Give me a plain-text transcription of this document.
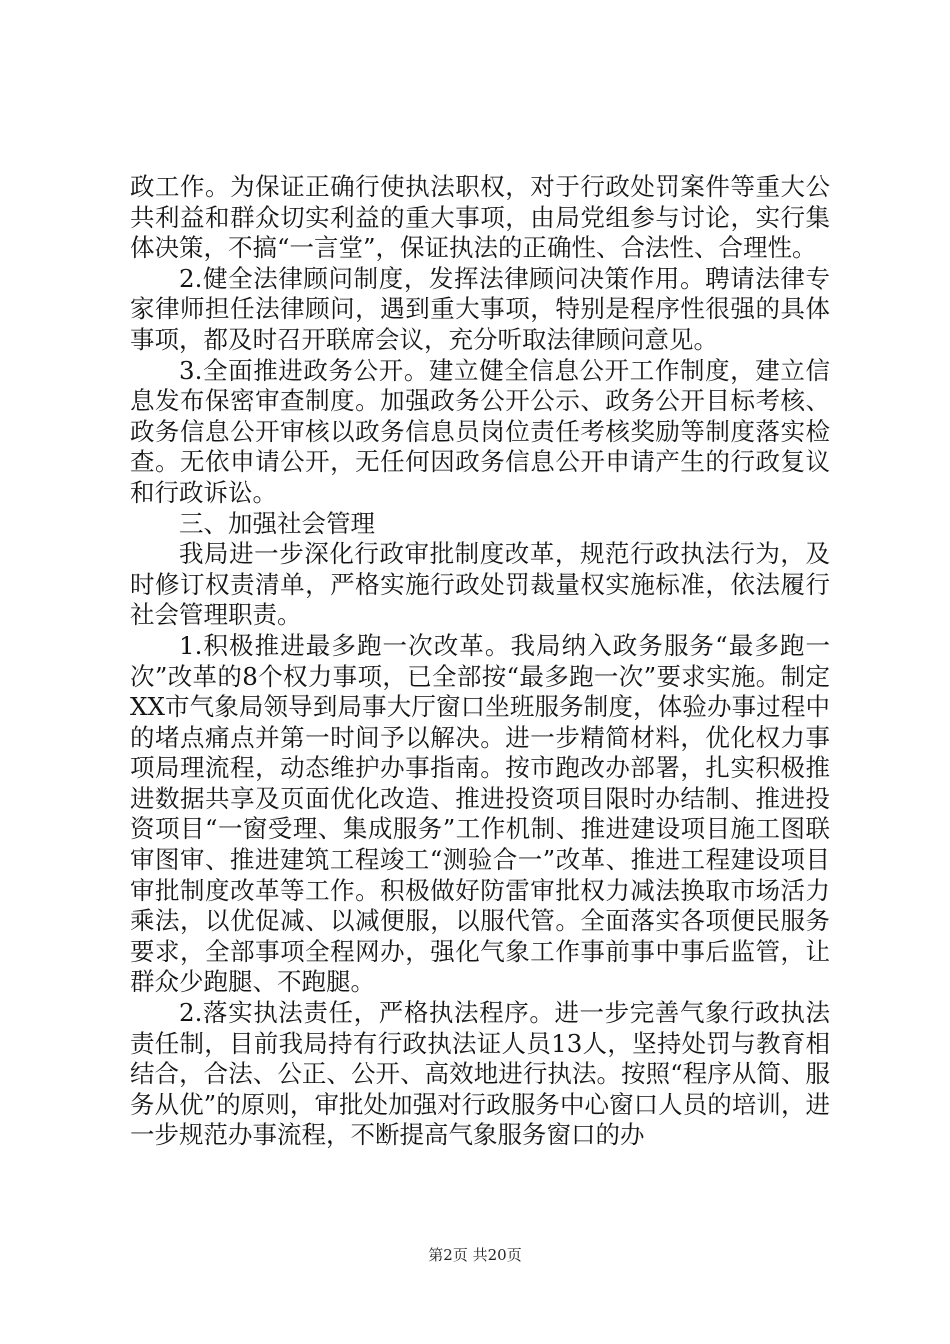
政工作。为保证正确行使执法职权，对于行政处罚案件等重大公共利益和群众切实利益的重大事项，由局党组参与讨论，实行集体决策，不搞“一言堂”，保证执法的正确性、合法性、合理性。

2.健全法律顾问制度，发挥法律顾问决策作用。聘请法律专家律师担任法律顾问，遇到重大事项，特别是程序性很强的具体事项，都及时召开联席会议，充分听取法律顾问意见。

3.全面推进政务公开。建立健全信息公开工作制度，建立信息发布保密审查制度。加强政务公开公示、政务公开目标考核、政务信息公开审核以政务信息员岗位责任考核奖励等制度落实检查。无依申请公开，无任何因政务信息公开申请产生的行政复议和行政诉讼。

三、加强社会管理

我局进一步深化行政审批制度改革，规范行政执法行为，及时修订权责清单，严格实施行政处罚裁量权实施标准，依法履行社会管理职责。

1.积极推进最多跑一次改革。我局纳入政务服务“最多跑一次”改革的8个权力事项，已全部按“最多跑一次”要求实施。制定XX市气象局领导到局事大厅窗口坐班服务制度，体验办事过程中的堵点痛点并第一时间予以解决。进一步精简材料，优化权力事项局理流程，动态维护办事指南。按市跑改办部署，扎实积极推进数据共享及页面优化改造、推进投资项目限时办结制、推进投资项目“一窗受理、集成服务”工作机制、推进建设项目施工图联审图审、推进建筑工程竣工“测验合一”改革、推进工程建设项目审批制度改革等工作。积极做好防雷审批权力减法换取市场活力乘法，以优促减、以减便服，以服代管。全面落实各项便民服务要求，全部事项全程网办，强化气象工作事前事中事后监管，让群众少跑腿、不跑腿。

2.落实执法责任，严格执法程序。进一步完善气象行政执法责任制，目前我局持有行政执法证人员13人，坚持处罚与教育相结合，合法、公正、公开、高效地进行执法。按照“程序从简、服务从优”的原则，审批处加强对行政服务中心窗口人员的培训，进一步规范办事流程，不断提高气象服务窗口的办

第2页 共20页
